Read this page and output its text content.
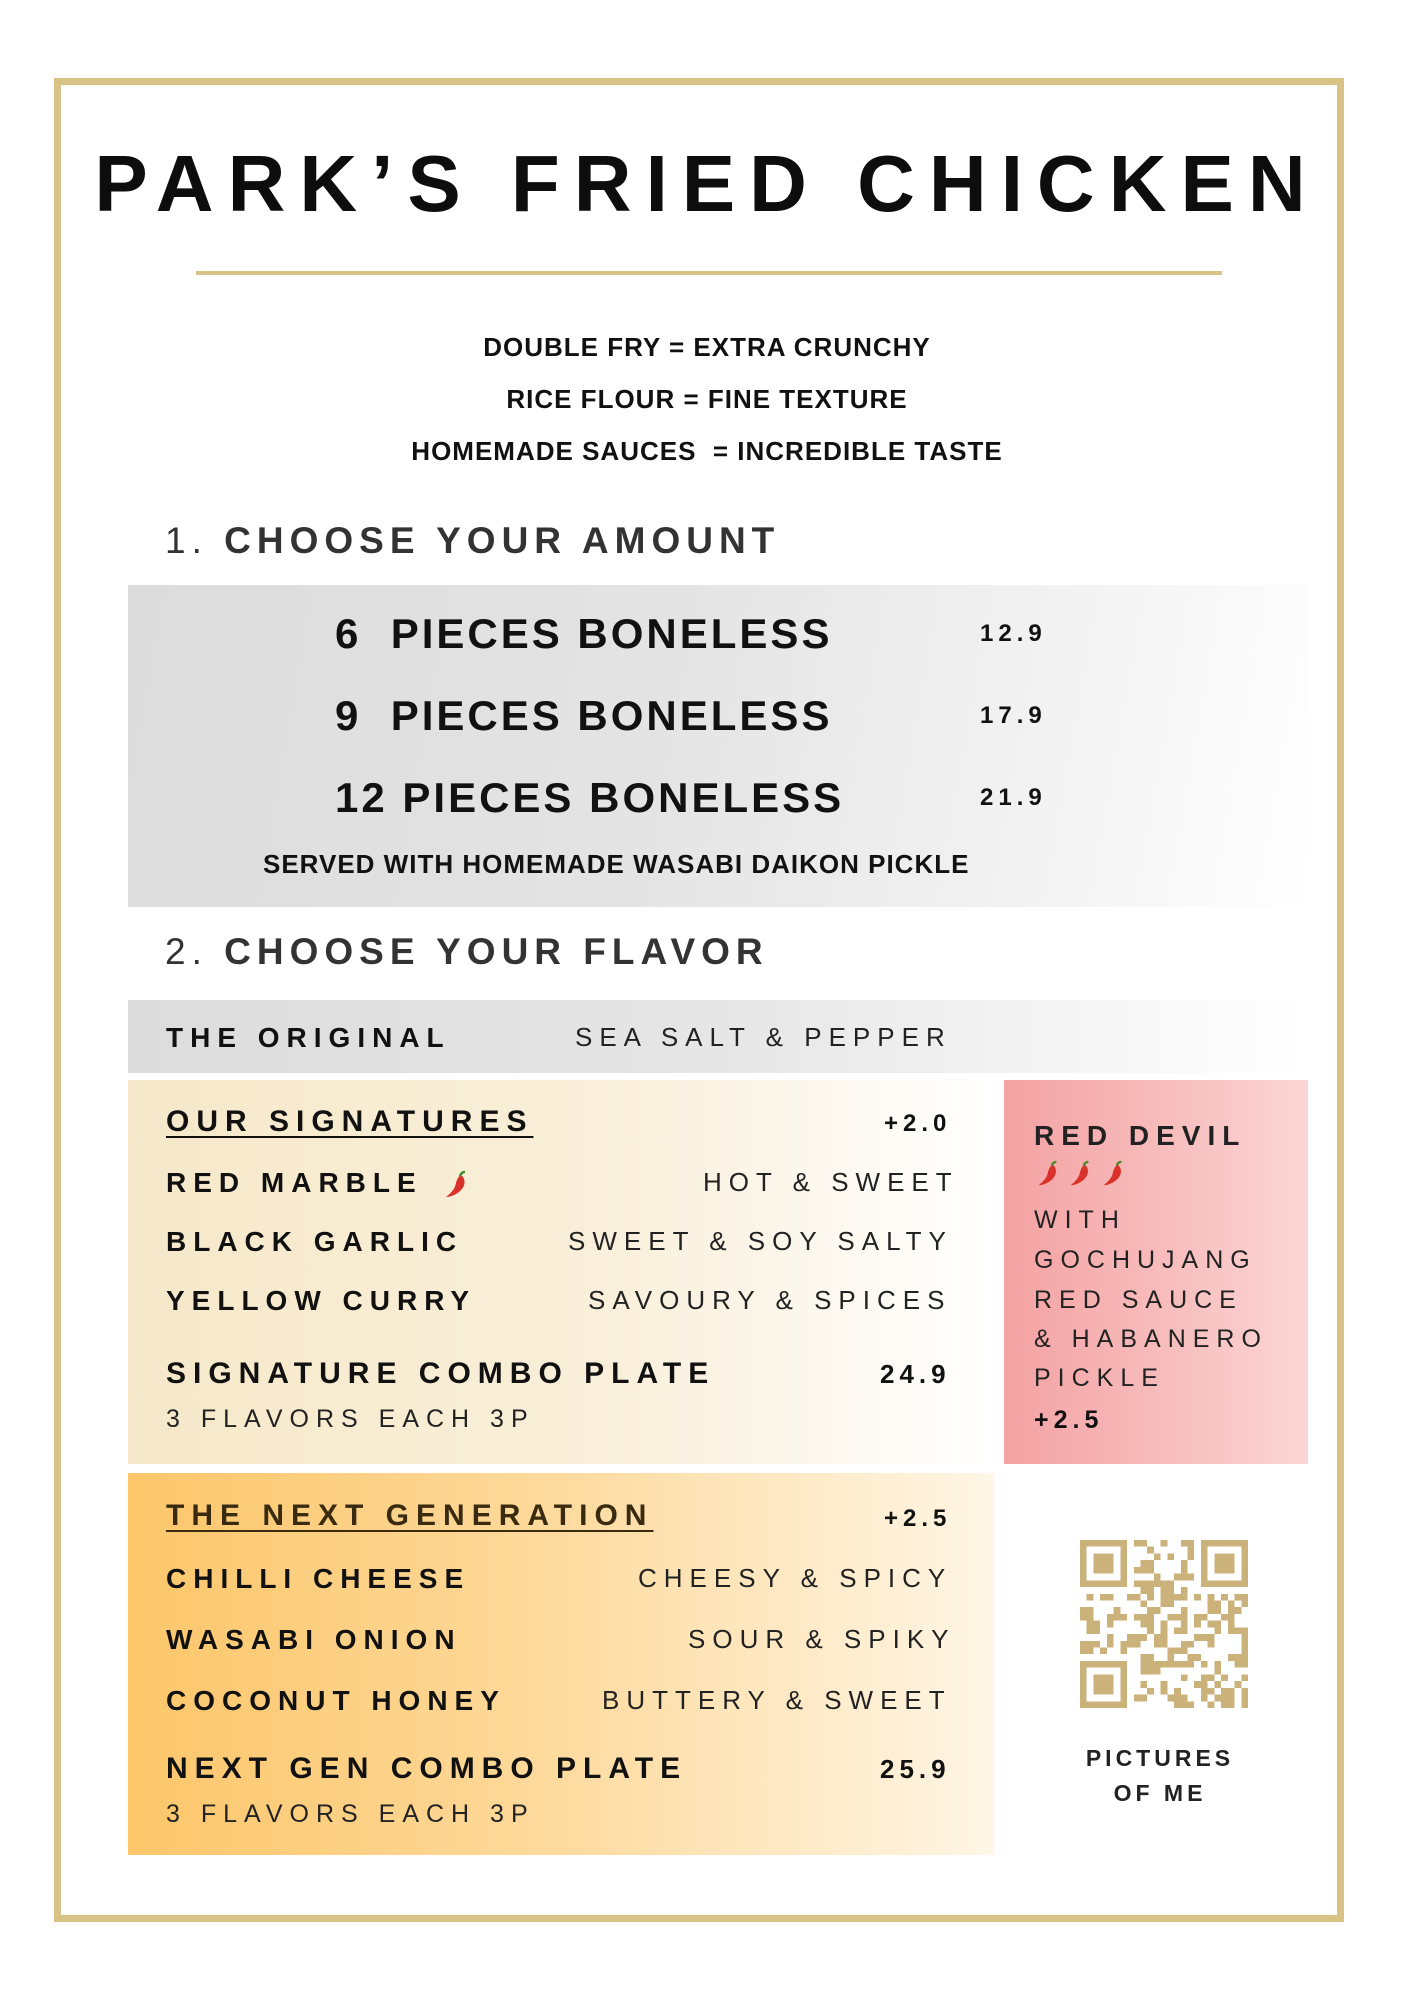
PARK’S FRIED CHICKEN
DOUBLE FRY = EXTRA CRUNCHY
RICE FLOUR = FINE TEXTURE
HOMEMADE SAUCES  = INCREDIBLE TASTE
1. CHOOSE YOUR AMOUNT
6  PIECES BONELESS	12.9
9  PIECES BONELESS	17.9
12 PIECES BONELESS	21.9
SERVED WITH HOMEMADE WASABI DAIKON PICKLE
2. CHOOSE YOUR FLAVOR
THE ORIGINAL	SEA SALT & PEPPER
OUR SIGNATURES	+2.0
RED MARBLE	HOT & SWEET
BLACK GARLIC	SWEET & SOY SALTY
YELLOW CURRY	SAVOURY & SPICES
SIGNATURE COMBO PLATE	24.9
3 FLAVORS EACH 3P
RED DEVIL

WITH
GOCHUJANG
RED SAUCE
& HABANERO
PICKLE
+2.5
THE NEXT GENERATION	+2.5
CHILLI CHEESE	CHEESY & SPICY
WASABI ONION	SOUR & SPIKY
COCONUT HONEY	BUTTERY & SWEET
NEXT GEN COMBO PLATE	25.9
3 FLAVORS EACH 3P
PICTURES
OF ME
